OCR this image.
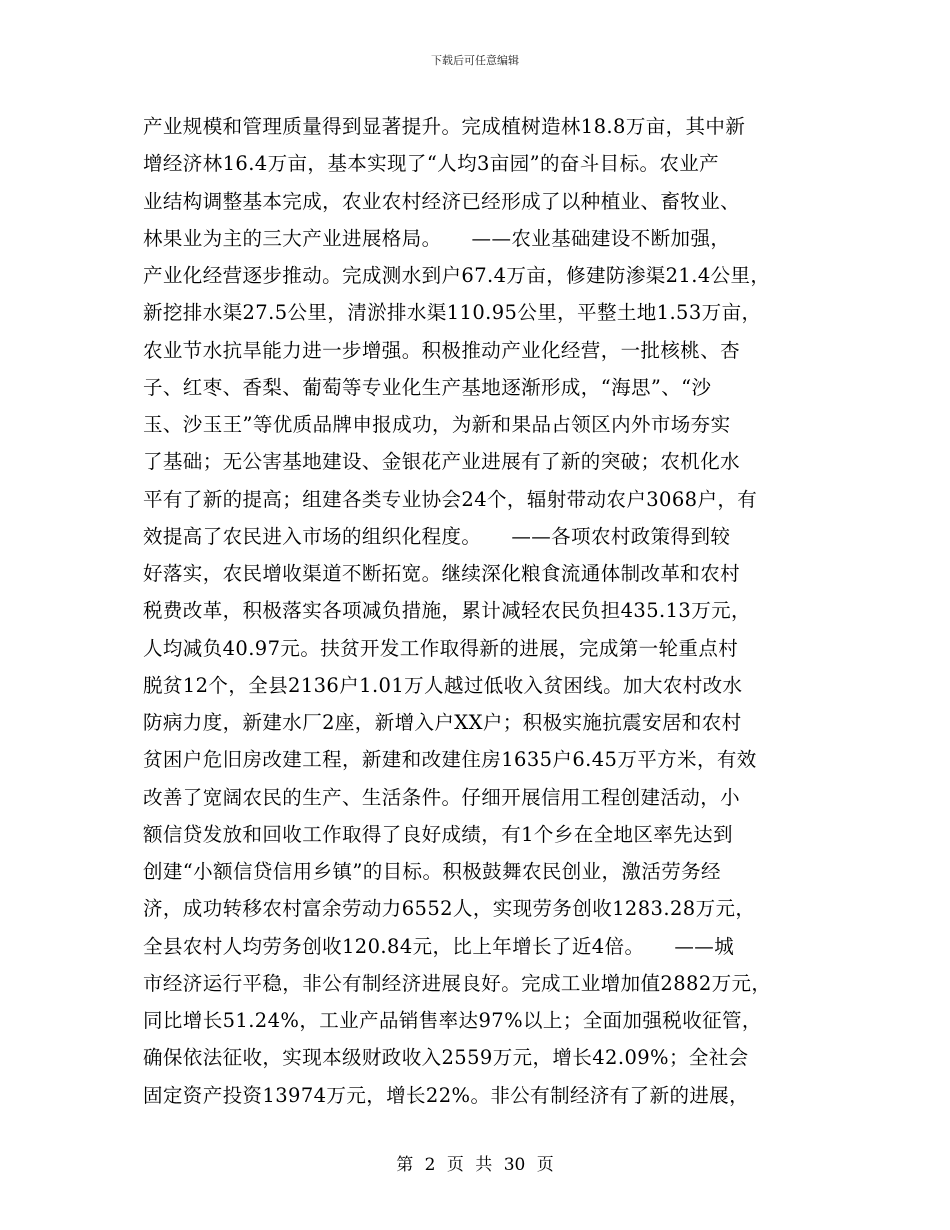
下载后可任意编辑
产业规模和管理质量得到显著提升。完成植树造林18.8万亩，其中新
增经济林16.4万亩，基本实现了“人均3亩园”的奋斗目标。农业产
业结构调整基本完成，农业农村经济已经形成了以种植业、畜牧业、
林果业为主的三大产业进展格局。　　——农业基础建设不断加强，
产业化经营逐步推动。完成测水到户67.4万亩，修建防渗渠21.4公里，
新挖排水渠27.5公里，清淤排水渠110.95公里，平整土地1.53万亩，
农业节水抗旱能力进一步增强。积极推动产业化经营，一批核桃、杏
子、红枣、香梨、葡萄等专业化生产基地逐渐形成，“海思”、“沙
玉、沙玉王”等优质品牌申报成功，为新和果品占领区内外市场夯实
了基础；无公害基地建设、金银花产业进展有了新的突破；农机化水
平有了新的提高；组建各类专业协会24个，辐射带动农户3068户，有
效提高了农民进入市场的组织化程度。　　——各项农村政策得到较
好落实，农民增收渠道不断拓宽。继续深化粮食流通体制改革和农村
税费改革，积极落实各项减负措施，累计减轻农民负担435.13万元，
人均减负40.97元。扶贫开发工作取得新的进展，完成第一轮重点村
脱贫12个，全县2136户1.01万人越过低收入贫困线。加大农村改水
防病力度，新建水厂2座，新增入户XX户；积极实施抗震安居和农村
贫困户危旧房改建工程，新建和改建住房1635户6.45万平方米，有效
改善了宽阔农民的生产、生活条件。仔细开展信用工程创建活动，小
额信贷发放和回收工作取得了良好成绩，有1个乡在全地区率先达到
创建“小额信贷信用乡镇”的目标。积极鼓舞农民创业，激活劳务经
济，成功转移农村富余劳动力6552人，实现劳务创收1283.28万元，
全县农村人均劳务创收120.84元，比上年增长了近4倍。　　——城
市经济运行平稳，非公有制经济进展良好。完成工业增加值2882万元，
同比增长51.24%，工业产品销售率达97%以上；全面加强税收征管，
确保依法征收，实现本级财政收入2559万元，增长42.09%；全社会
固定资产投资13974万元，增长22%。非公有制经济有了新的进展，
第 2 页 共 30 页
